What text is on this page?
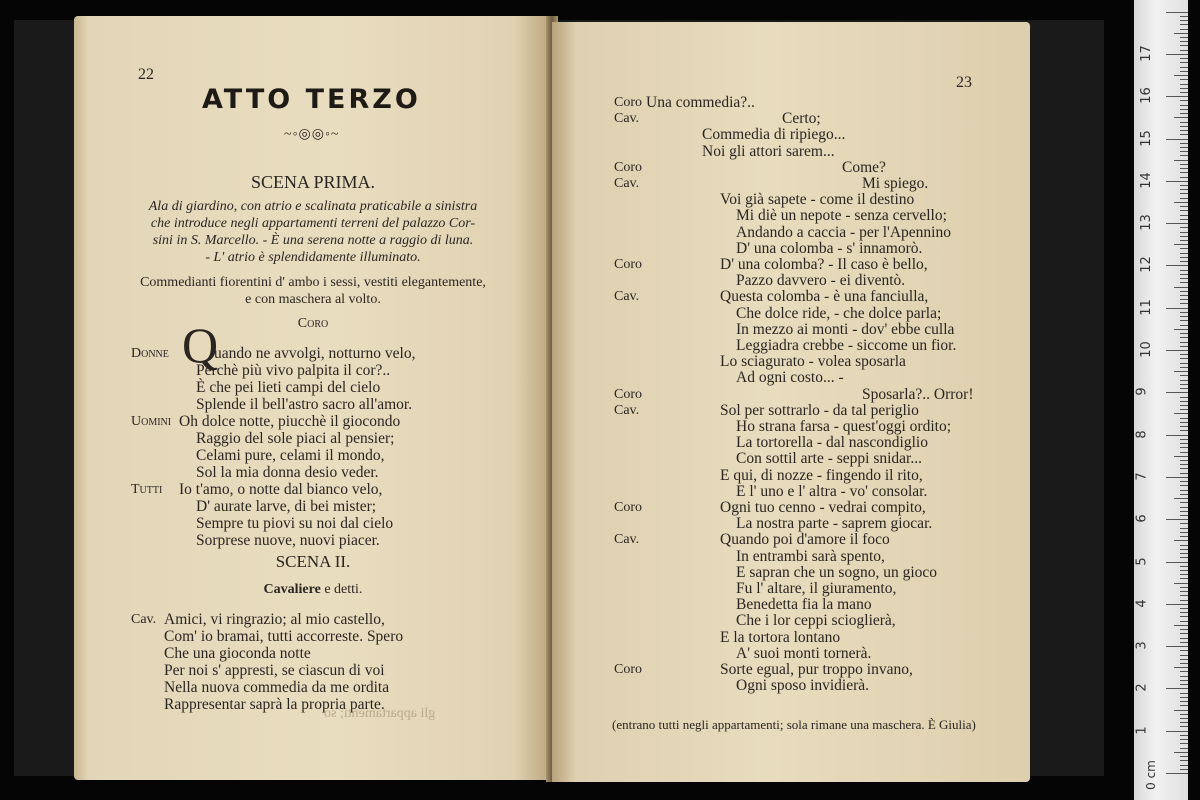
22
ATTO TERZO
~◦◎◎◦~
SCENA PRIMA.
Ala di giardino, con atrio e scalinata praticabile a sinistra
che introduce negli appartamenti terreni del palazzo Cor-
sini in S. Marcello. - È una serena notte a raggio di luna.
- L' atrio è splendidamente illuminato.
Commedianti fiorentini d' ambo i sessi, vestiti elegantemente,
e con maschera al volto.
Coro
Donne Q
uando ne avvolgi, notturno velo,
Perchè più vivo palpita il cor?..
È che pei lieti campi del cielo
Splende il bell'astro sacro all'amor.
Uomini Oh dolce notte, piucchè il giocondo
Raggio del sole piaci al pensier;
Celami pure, celami il mondo,
Sol la mia donna desio veder.
Tutti Io t'amo, o notte dal bianco velo,
D' aurate larve, di bei mister;
Sempre tu piovi su noi dal cielo
Sorprese nuove, nuovi piacer.
SCENA II.
Cavaliere e detti.
Cav. Amici, vi ringrazio; al mio castello,
Com' io bramai, tutti accorreste. Spero
Che una gioconda notte
Per noi s' appresti, se ciascun di voi
Nella nuova commedia da me ordita
Rappresentar saprà la propria parte.
gli appartamenti; so
23
Coro Una commedia?..
Cav.	Certo;
Commedia di ripiego...
Noi gli attori sarem...
Coro	Come?
Cav.	Mi spiego.
Voi già sapete - come il destino
Mi diè un nepote - senza cervello;
Andando a caccia - per l'Apennino
D' una colomba - s' innamorò.
Coro	D' una colomba? - Il caso è bello,
Pazzo davvero - ei diventò.
Cav.	Questa colomba - è una fanciulla,
Che dolce ride, - che dolce parla;
In mezzo ai monti - dov' ebbe culla
Leggiadra crebbe - siccome un fior.
Lo sciagurato - volea sposarla
Ad ogni costo... -
Coro	Sposarla?.. Orror!
Cav.	Sol per sottrarlo - da tal periglio
Ho strana farsa - quest'oggi ordito;
La tortorella - dal nascondiglio
Con sottil arte - seppi snidar...
E qui, di nozze - fingendo il rito,
E l' uno e l' altra - vo' consolar.
Coro	Ogni tuo cenno - vedrai compito,
La nostra parte - saprem giocar.
Cav.	Quando poi d'amore il foco
In entrambi sarà spento,
E sapran che un sogno, un gioco
Fu l' altare, il giuramento,
Benedetta fia la mano
Che i lor ceppi scioglierà,
E la tortora lontano
A' suoi monti tornerà.
Coro	Sorte egual, pur troppo invano,
Ogni sposo invidierà.
(entrano tutti negli appartamenti; sola rimane una maschera. È Giulia)	1
2
3
4
5
6
7
8
9
10
11
12
13
14
15
16
17
0 cm
